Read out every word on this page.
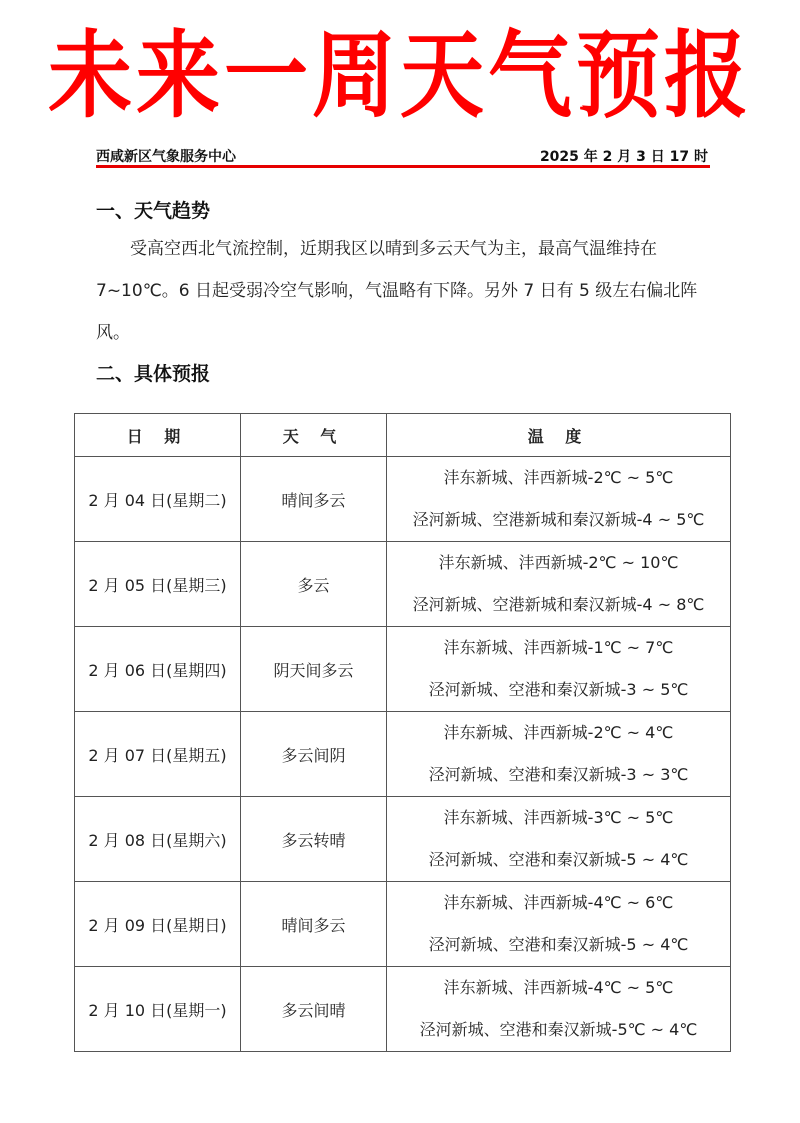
未来一周天气预报
西咸新区气象服务中心	2025 年 2 月 3 日 17 时
一、天气趋势
受高空西北气流控制，近期我区以晴到多云天气为主，最高气温维持在 7~10℃。6 日起受弱冷空气影响，气温略有下降。另外 7 日有 5 级左右偏北阵风。
二、具体预报
日 期	天 气	温 度
2 月 04 日(星期二)	晴间多云	沣东新城、沣西新城-2℃ ~ 5℃
泾河新城、空港新城和秦汉新城-4 ~ 5℃

2 月 05 日(星期三)	多云	沣东新城、沣西新城-2℃ ~ 10℃
泾河新城、空港新城和秦汉新城-4 ~ 8℃

2 月 06 日(星期四)	阴天间多云	沣东新城、沣西新城-1℃ ~ 7℃
泾河新城、空港和秦汉新城-3 ~ 5℃

2 月 07 日(星期五)	多云间阴	沣东新城、沣西新城-2℃ ~ 4℃
泾河新城、空港和秦汉新城-3 ~ 3℃

2 月 08 日(星期六)	多云转晴	沣东新城、沣西新城-3℃ ~ 5℃
泾河新城、空港和秦汉新城-5 ~ 4℃

2 月 09 日(星期日)	晴间多云	沣东新城、沣西新城-4℃ ~ 6℃
泾河新城、空港和秦汉新城-5 ~ 4℃

2 月 10 日(星期一)	多云间晴	沣东新城、沣西新城-4℃ ~ 5℃
泾河新城、空港和秦汉新城-5℃ ~ 4℃
